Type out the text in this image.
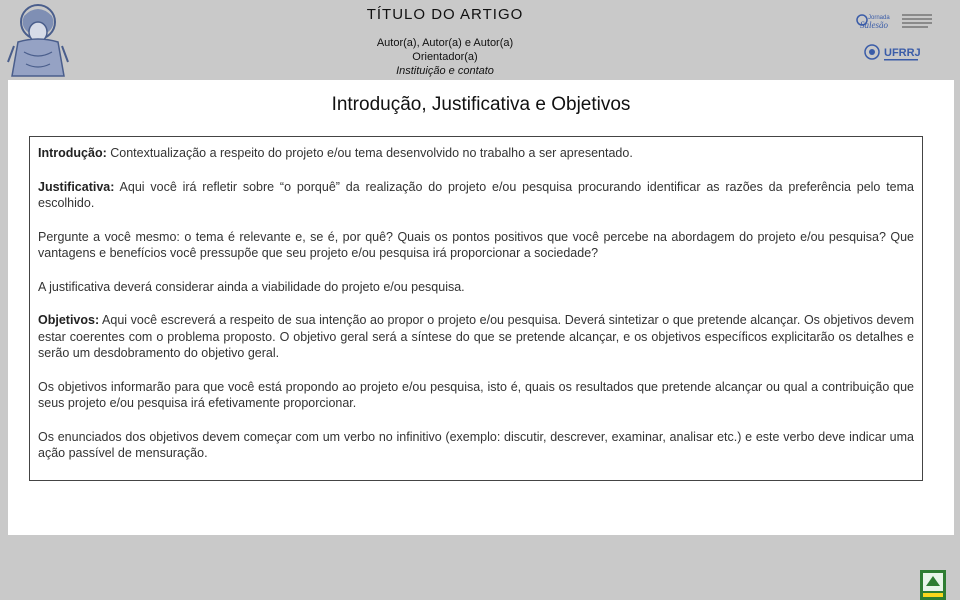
TÍTULO DO ARTIGO
Autor(a), Autor(a) e Autor(a)
Orientador(a)
Instituição e contato
Jornada
Salesão
UFRRJ
Introdução, Justificativa e Objetivos

Introdução: Contextualização a respeito do projeto e/ou tema desenvolvido no trabalho a ser apresentado.

Justificativa: Aqui você irá refletir sobre “o porquê” da realização do projeto e/ou pesquisa procurando identificar as razões da preferência pelo tema escolhido.

Pergunte a você mesmo: o tema é relevante e, se é, por quê? Quais os pontos positivos que você percebe na abordagem do projeto e/ou pesquisa? Que vantagens e benefícios você pressupõe que seu projeto e/ou pesquisa irá proporcionar a sociedade?

A justificativa deverá considerar ainda a viabilidade do projeto e/ou pesquisa.

Objetivos: Aqui você escreverá a respeito de sua intenção ao propor o projeto e/ou pesquisa. Deverá sintetizar o que pretende alcançar. Os objetivos devem estar coerentes com o problema proposto. O objetivo geral será a síntese do que se pretende alcançar, e os objetivos específicos explicitarão os detalhes e serão um desdobramento do objetivo geral.

Os objetivos informarão para que você está propondo ao projeto e/ou pesquisa, isto é, quais os resultados que pretende alcançar ou qual a contribuição que seus projeto e/ou pesquisa irá efetivamente proporcionar.

Os enunciados dos objetivos devem começar com um verbo no infinitivo (exemplo: discutir, descrever, examinar, analisar etc.) e este verbo deve indicar uma ação passível de mensuração.
